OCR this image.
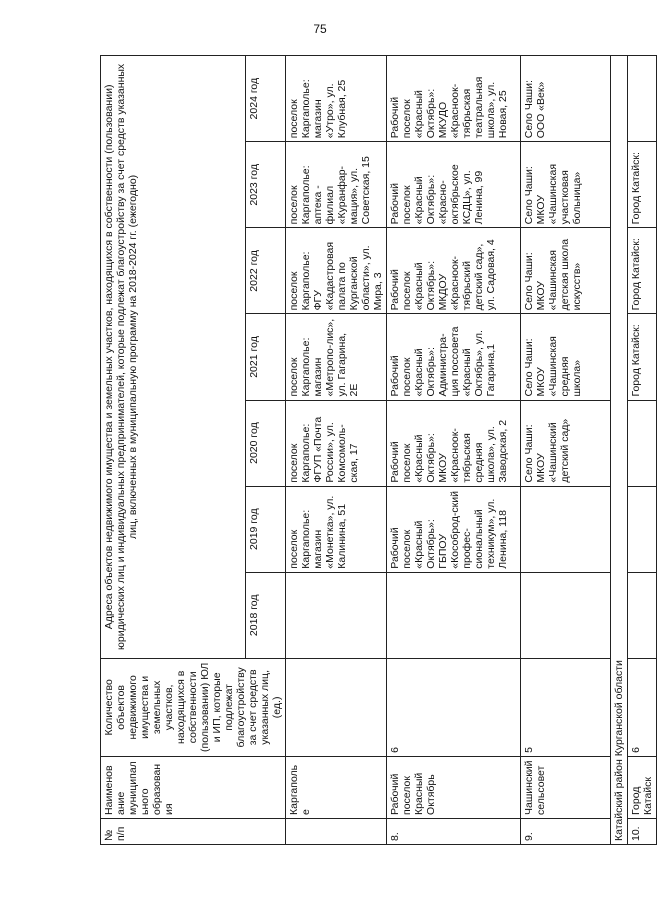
75
№ п/п	Наименование муниципального образования	Количество объектов недвижимого имущества и земельных участков, находящихся в собственности (пользовании) ЮЛ и ИП, которые подлежат благоустройству за счет средств указанных лиц, (ед.)	Адреса объектов недвижимого имущества и земельных участков, находящихся в собственности (пользовании) юридических лиц и индивидуальных предпринимателей, которые подлежат благоустройству за счет средств указанных лиц, включенных в муниципальную программу на 2018-2024 гг. (ежегодно)						
			2018 год	2019 год	2020 год	2021 год	2022 год	2023 год	2024 год
	Каргаполье			поселок Каргаполье: магазин «Монетка», ул. Калинина, 51	поселок Каргаполье: ФГУП «Почта России», ул. Комсомоль-ская, 17	поселок Каргаполье: магазин «Метропо-лис», ул. Гагарина, 2Е	поселок Каргаполье: ФГУ «Кадастровая палата по Курганской области», ул. Мира, 3	поселок Каргаполье: аптека - филиал «Куранфар-мация», ул. Советская, 15	поселок Каргаполье: магазин «Утро», ул. Клубная, 25
8.	Рабочий поселок Красный Октябрь	6		Рабочий поселок «Красный Октябрь»: ГБПОУ «Кособрод-ский профес-сиональный техникум», ул. Ленина, 118	Рабочий поселок «Красный Октябрь»: МКОУ «Красноок-тябрьская средняя школа», ул. Заводская, 2	Рабочий поселок «Красный Октябрь»: Администра-ция поссовета «Красный Октябрь», ул. Гагарина,1	Рабочий поселок «Красный Октябрь»: МКДОУ «Красноок-тябрьский детский сад», ул. Садовая, 4	Рабочий поселок «Красный Октябрь»: «Красно-октябрьское КСДЦ», ул. Ленина, 99	Рабочий поселок «Красный Октябрь»: МКУДО «Красноок-тябрьская театральная школа», ул. Новая, 25
9.	Чашинский сельсовет	5			Село Чаши: МКОУ «Чашинский детский сад»	Село Чаши: МКОУ «Чашинская средняя школа»	Село Чаши: МКОУ «Чашинская детская школа искусств»	Село Чаши: МКОУ «Чашинская участковая больница»	Село Чаши: ООО «Век»
Катайский район Курганской области									
10.	Город Катайск	6				Город Катайск:	Город Катайск:	Город Катайск:	
